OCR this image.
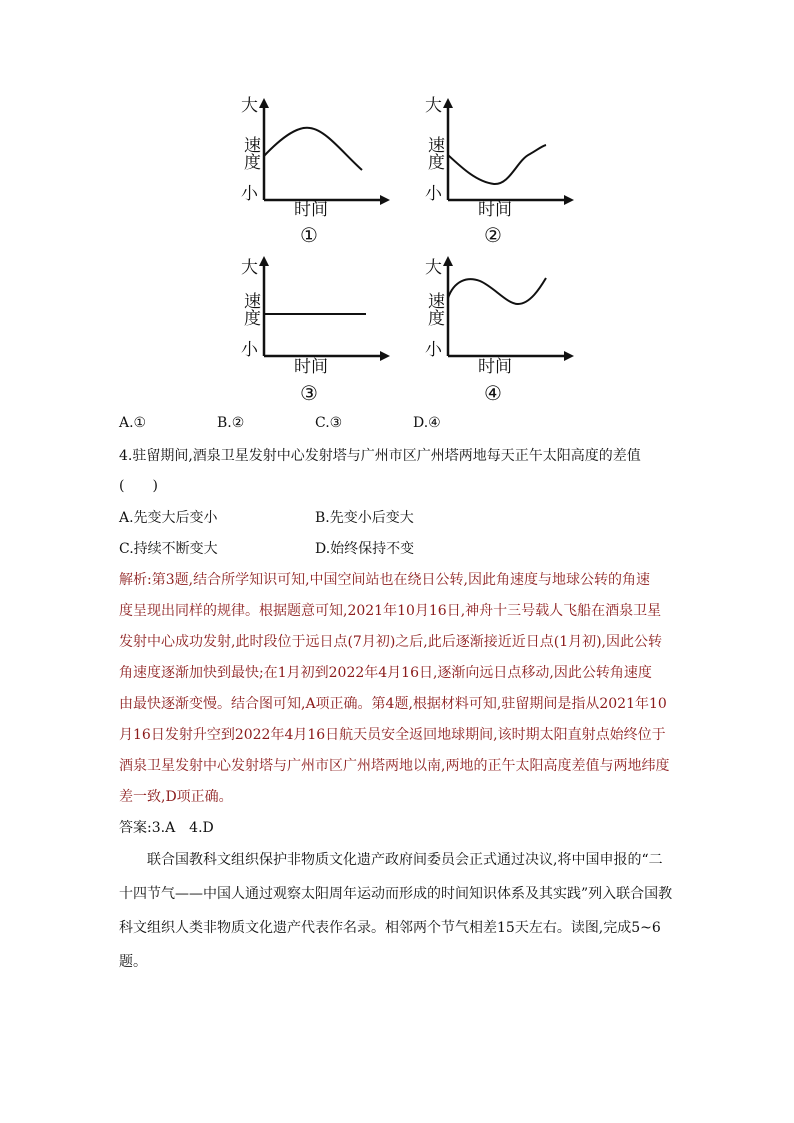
大
速度
小
时间
①
大
速度
小
时间
②
大
速度
小
时间
③
大
速度
小
时间
④
A.①	B.②	C.③	D.④
4.驻留期间,酒泉卫星发射中心发射塔与广州市区广州塔两地每天正午太阳高度的差值
(　　)
A.先变大后变小	B.先变小后变大
C.持续不断变大	D.始终保持不变
解析:第3题,结合所学知识可知,中国空间站也在绕日公转,因此角速度与地球公转的角速
度呈现出同样的规律。根据题意可知,2021年10月16日,神舟十三号载人飞船在酒泉卫星
发射中心成功发射,此时段位于远日点(7月初)之后,此后逐渐接近近日点(1月初),因此公转
角速度逐渐加快到最快;在1月初到2022年4月16日,逐渐向远日点移动,因此公转角速度
由最快逐渐变慢。结合图可知,A项正确。第4题,根据材料可知,驻留期间是指从2021年10
月16日发射升空到2022年4月16日航天员安全返回地球期间,该时期太阳直射点始终位于
酒泉卫星发射中心发射塔与广州市区广州塔两地以南,两地的正午太阳高度差值与两地纬度
差一致,D项正确。
答案:3.A　4.D
联合国教科文组织保护非物质文化遗产政府间委员会正式通过决议,将中国申报的“二
十四节气——中国人通过观察太阳周年运动而形成的时间知识体系及其实践”列入联合国教
科文组织人类非物质文化遗产代表作名录。相邻两个节气相差15天左右。读图,完成5~6
题。
